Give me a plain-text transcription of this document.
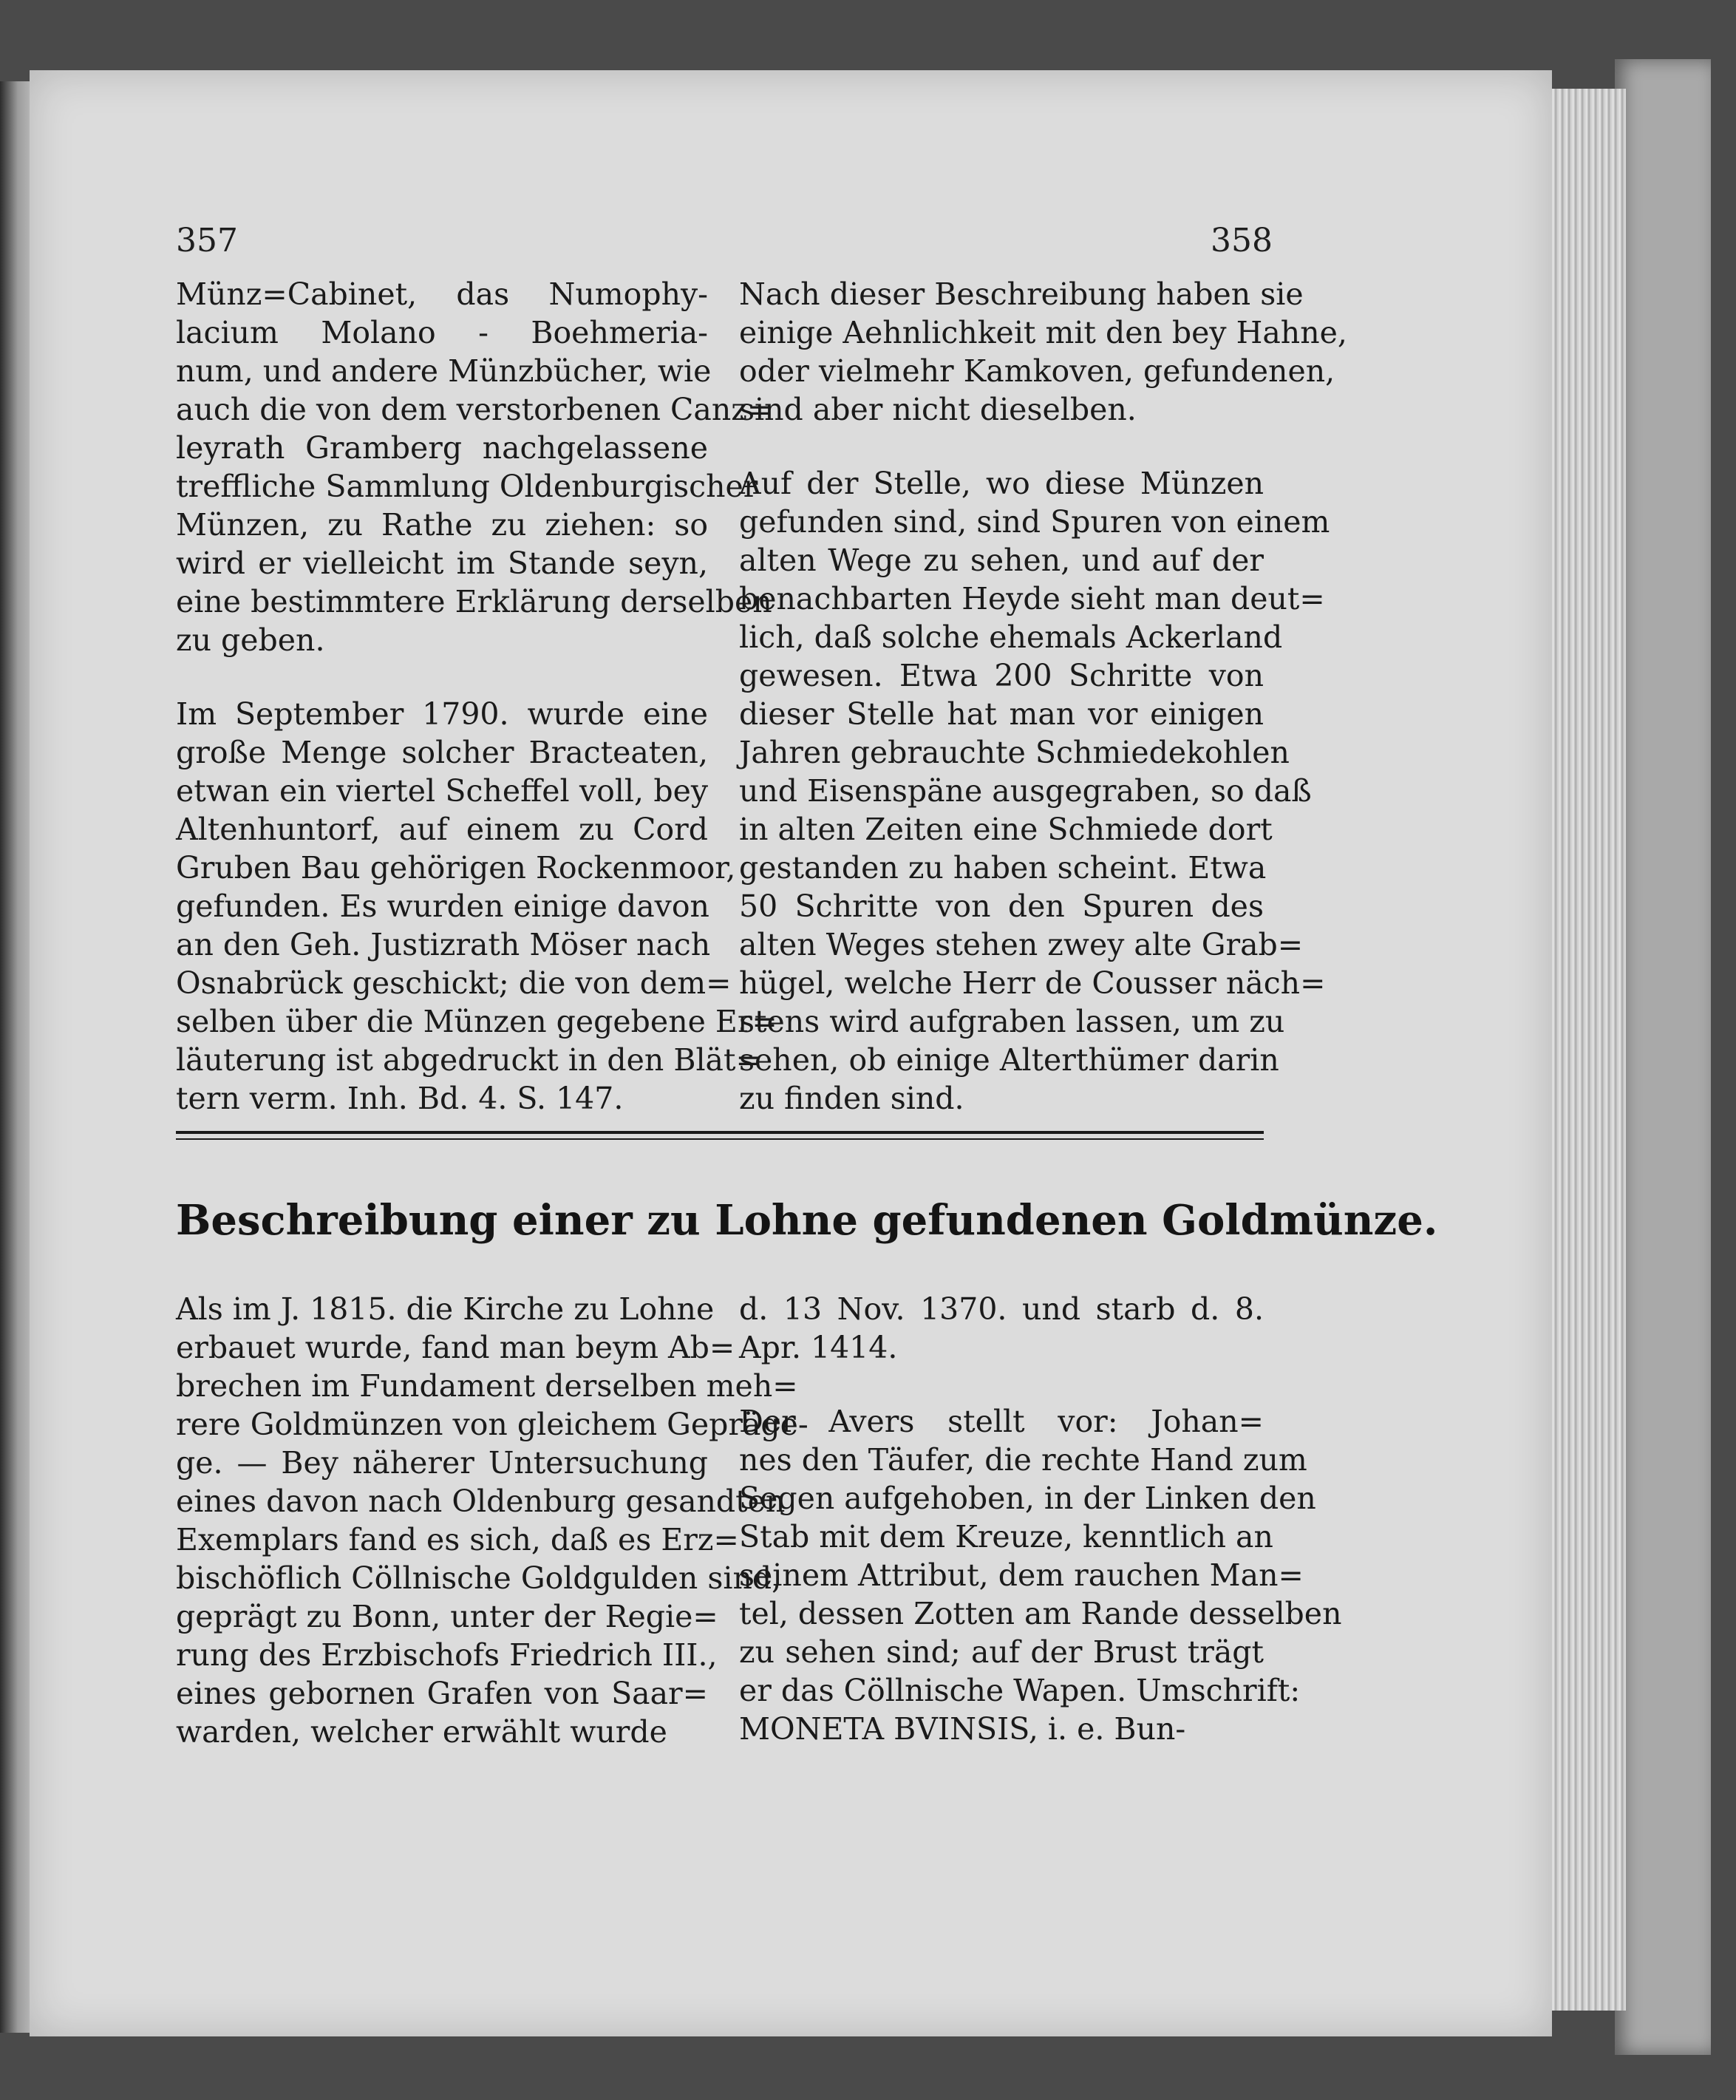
357	358
Münz=Cabinet, das Numophy-
lacium Molano - Boehmeria-
num, und andere Münzbücher, wie
auch die von dem verstorbenen Canz=
leyrath Gramberg nachgelassene
treffliche Sammlung Oldenburgischer
Münzen, zu Rathe zu ziehen: so
wird er vielleicht im Stande seyn,
eine bestimmtere Erklärung derselben
zu geben.
Im September 1790. wurde eine
große Menge solcher Bracteaten,
etwan ein viertel Scheffel voll, bey
Altenhuntorf, auf einem zu Cord
Gruben Bau gehörigen Rockenmoor,
gefunden. Es wurden einige davon
an den Geh. Justizrath Möser nach
Osnabrück geschickt; die von dem=
selben über die Münzen gegebene Er=
läuterung ist abgedruckt in den Blät=
tern verm. Inh. Bd. 4. S. 147.
Nach dieser Beschreibung haben sie
einige Aehnlichkeit mit den bey Hahne,
oder vielmehr Kamkoven, gefundenen,
sind aber nicht dieselben.
Auf der Stelle, wo diese Münzen
gefunden sind, sind Spuren von einem
alten Wege zu sehen, und auf der
benachbarten Heyde sieht man deut=
lich, daß solche ehemals Ackerland
gewesen. Etwa 200 Schritte von
dieser Stelle hat man vor einigen
Jahren gebrauchte Schmiedekohlen
und Eisenspäne ausgegraben, so daß
in alten Zeiten eine Schmiede dort
gestanden zu haben scheint. Etwa
50 Schritte von den Spuren des
alten Weges stehen zwey alte Grab=
hügel, welche Herr de Cousser näch=
stens wird aufgraben lassen, um zu
sehen, ob einige Alterthümer darin
zu finden sind.
Beschreibung einer zu Lohne gefundenen Goldmünze.
Als im J. 1815. die Kirche zu Lohne
erbauet wurde, fand man beym Ab=
brechen im Fundament derselben meh=
rere Goldmünzen von gleichem Gepräge-
ge. — Bey näherer Untersuchung
eines davon nach Oldenburg gesandten
Exemplars fand es sich, daß es Erz=
bischöflich Cöllnische Goldgulden sind,
geprägt zu Bonn, unter der Regie=
rung des Erzbischofs Friedrich III.,
eines gebornen Grafen von Saar=
warden, welcher erwählt wurde
d. 13 Nov. 1370. und starb d. 8.
Apr. 1414.
Der Avers stellt vor: Johan=
nes den Täufer, die rechte Hand zum
Segen aufgehoben, in der Linken den
Stab mit dem Kreuze, kenntlich an
seinem Attribut, dem rauchen Man=
tel, dessen Zotten am Rande desselben
zu sehen sind; auf der Brust trägt
er das Cöllnische Wapen. Umschrift:
MONETA BVINSIS, i. e. Bun-
